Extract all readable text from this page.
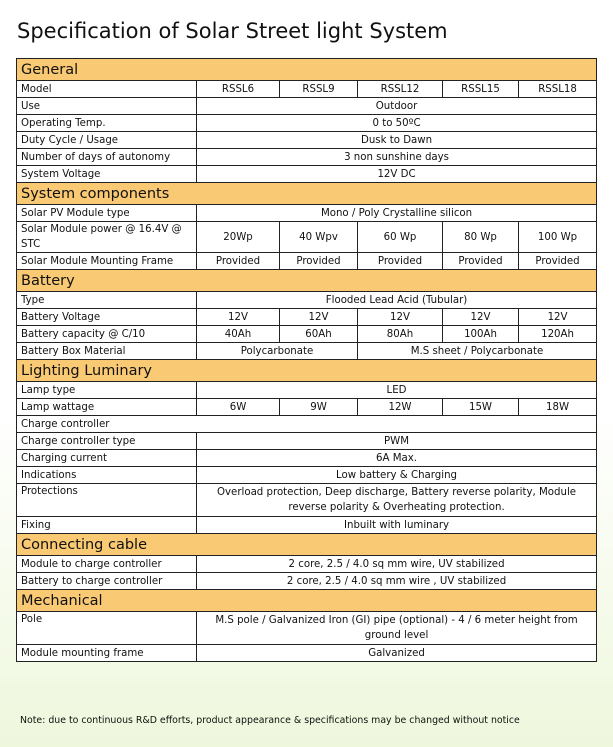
Specification of Solar Street light System
General					
Model	RSSL6	RSSL9	RSSL12	RSSL15	RSSL18
Use	Outdoor				
Operating Temp.	0 to 50ºC				
Duty Cycle / Usage	Dusk to Dawn				
Number of days of autonomy	3 non sunshine days				
System Voltage	12V DC				
System components					
Solar PV Module type	Mono / Poly Crystalline silicon				
Solar Module power @ 16.4V @ STC	20Wp	40 Wpv	60 Wp	80 Wp	100 Wp
Solar Module Mounting Frame	Provided	Provided	Provided	Provided	Provided
Battery					
Type	Flooded Lead Acid (Tubular)				
Battery Voltage	12V	12V	12V	12V	12V
Battery capacity @ C/10	40Ah	60Ah	80Ah	100Ah	120Ah
Battery Box Material	Polycarbonate		M.S sheet / Polycarbonate		
Lighting Luminary					
Lamp type	LED				
Lamp wattage	6W	9W	12W	15W	18W
Charge controller					
Charge controller type	PWM				
Charging current	6A Max.				
Indications	Low battery & Charging				
Protections	Overload protection, Deep discharge, Battery reverse polarity, Module reverse polarity & Overheating protection.				
Fixing	Inbuilt with luminary				
Connecting cable					
Module to charge controller	2 core, 2.5 / 4.0 sq mm wire, UV stabilized				
Battery to charge controller	2 core, 2.5 / 4.0 sq mm wire , UV stabilized				
Mechanical					
Pole	M.S pole / Galvanized Iron (GI) pipe (optional) - 4 / 6 meter height from ground level				
Module mounting frame	Galvanized				
Note: due to continuous R&D efforts, product appearance & specifications may be changed without notice
